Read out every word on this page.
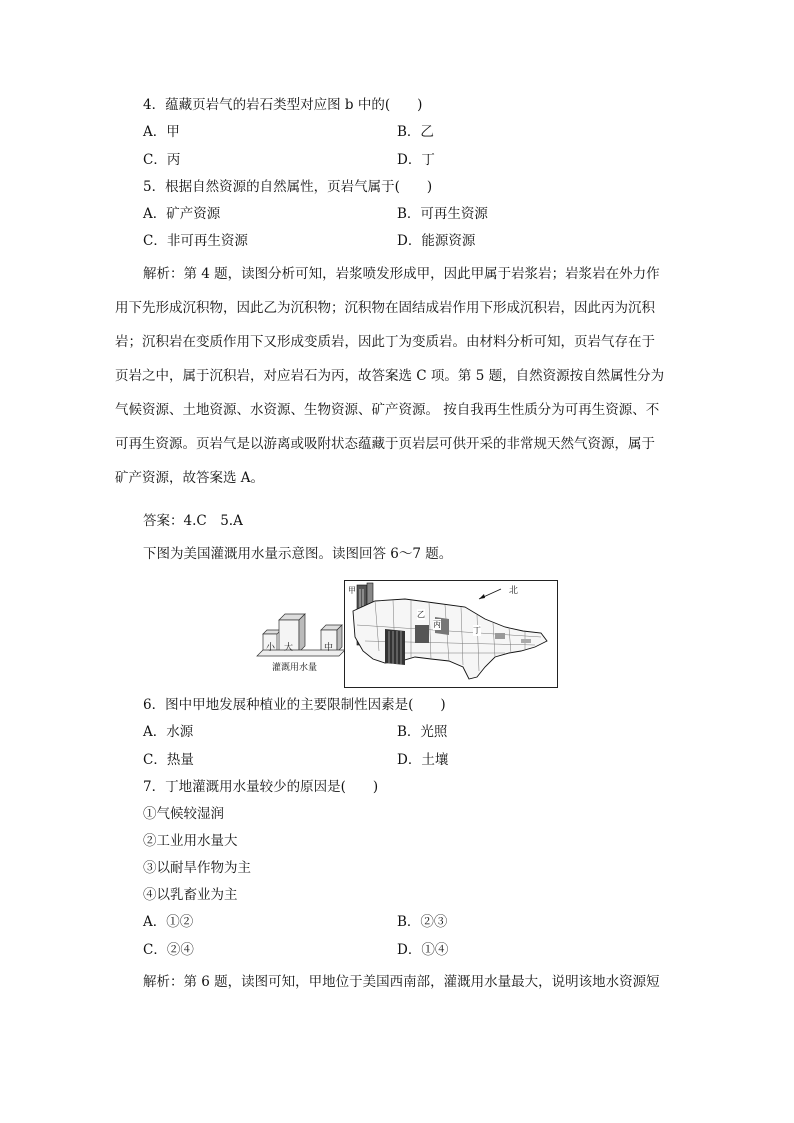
4．蕴藏页岩气的岩石类型对应图 b 中的(　　)
A．甲	B．乙
C．丙	D．丁
5．根据自然资源的自然属性，页岩气属于(　　)
A．矿产资源	B．可再生资源
C．非可再生资源	D．能源资源
解析：第 4 题，读图分析可知，岩浆喷发形成甲，因此甲属于岩浆岩；岩浆岩在外力作
用下先形成沉积物，因此乙为沉积物；沉积物在固结成岩作用下形成沉积岩，因此丙为沉积
岩；沉积岩在变质作用下又形成变质岩，因此丁为变质岩。由材料分析可知，页岩气存在于
页岩之中，属于沉积岩，对应岩石为丙，故答案选 C 项。第 5 题，自然资源按自然属性分为
气候资源、土地资源、水资源、生物资源、矿产资源。 按自我再生性质分为可再生资源、不
可再生资源。页岩气是以游离或吸附状态蕴藏于页岩层可供开采的非常规天然气资源，属于
矿产资源，故答案选 A。
答案：4.C　5.A
下图为美国灌溉用水量示意图。读图回答 6～7 题。
小 大	中
灌溉用水量
北
甲
乙
丙
丁
6．图中甲地发展种植业的主要限制性因素是(　　)
A．水源	B．光照
C．热量	D．土壤
7．丁地灌溉用水量较少的原因是(　　)
①气候较湿润
②工业用水量大
③以耐旱作物为主
④以乳畜业为主
A．①②	B．②③
C．②④	D．①④
解析：第 6 题，读图可知，甲地位于美国西南部，灌溉用水量最大，说明该地水资源短
